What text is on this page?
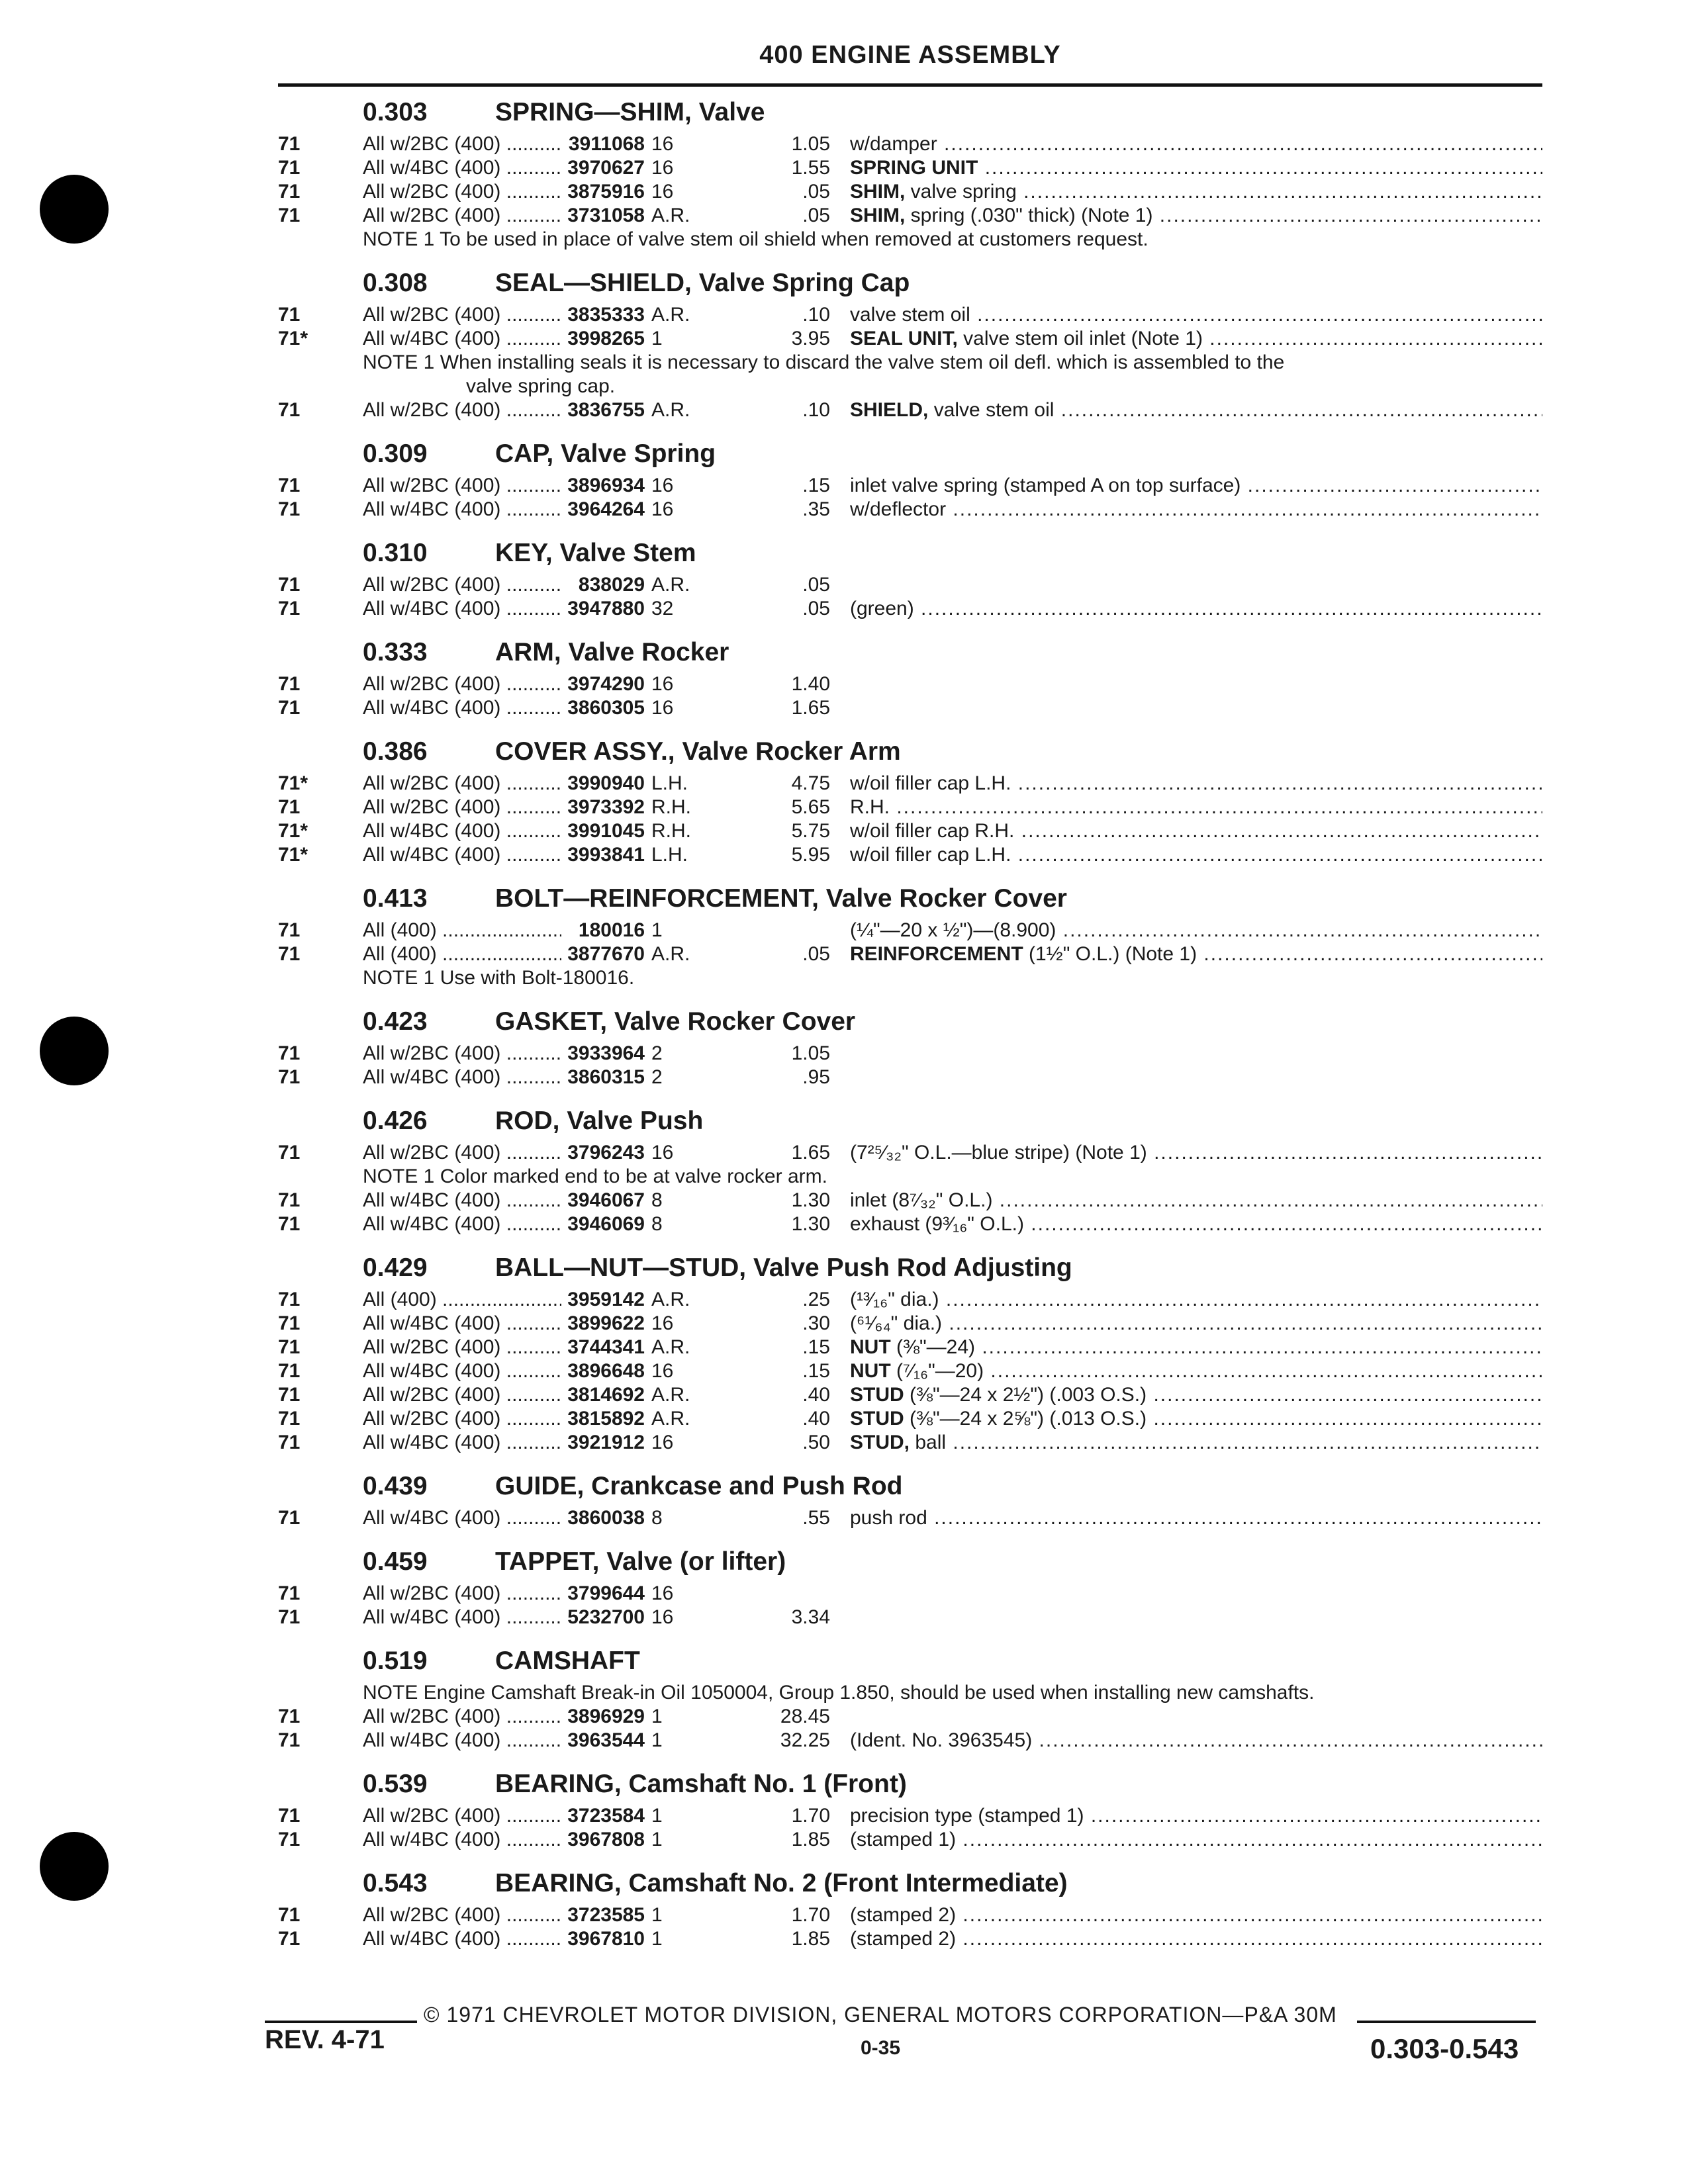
400 ENGINE ASSEMBLY
0.303	SPRING—SHIM, Valve
71	All w/2BC (400) .....	3911068 16	1.05	w/damper .....
71	All w/4BC (400) .....	3970627 16	1.55	SPRING UNIT .....
71	All w/2BC (400) .....	3875916 16	.05	SHIM, valve spring .....
71	All w/2BC (400) .....	3731058 A.R.	.05	SHIM, spring (.030" thick) (Note 1) .....
NOTE 1 To be used in place of valve stem oil shield when removed at customers request.
0.308	SEAL—SHIELD, Valve Spring Cap
71	All w/2BC (400) .....	3835333 A.R.	.10	valve stem oil .....
71*	All w/4BC (400) .....	3998265 1	3.95	SEAL UNIT, valve stem oil inlet (Note 1) .....
NOTE 1 When installing seals it is necessary to discard the valve stem oil defl. which is assembled to the
valve spring cap.
71	All w/2BC (400) .....	3836755 A.R.	.10	SHIELD, valve stem oil .....
0.309	CAP, Valve Spring
71	All w/2BC (400) .....	3896934 16	.15	inlet valve spring (stamped A on top surface) .....
71	All w/4BC (400) .....	3964264 16	.35	w/deflector .....
0.310	KEY, Valve Stem
71	All w/2BC (400) .....	838029 A.R.	.05
71	All w/4BC (400) .....	3947880 32	.05	(green) .....
0.333	ARM, Valve Rocker
71	All w/2BC (400) .....	3974290 16	1.40
71	All w/4BC (400) .....	3860305 16	1.65
0.386	COVER ASSY., Valve Rocker Arm
71*	All w/2BC (400) .....	3990940 L.H.	4.75	w/oil filler cap L.H. .....
71	All w/2BC (400) .....	3973392 R.H.	5.65	R.H. .....
71*	All w/4BC (400) .....	3991045 R.H.	5.75	w/oil filler cap R.H. .....
71*	All w/4BC (400) .....	3993841 L.H.	5.95	w/oil filler cap L.H. .....
0.413	BOLT—REINFORCEMENT, Valve Rocker Cover
71	All (400) .....	180016 1	(¼"—20 x ½")—(8.900) .....
71	All (400) .....	3877670 A.R.	.05	REINFORCEMENT (1½" O.L.) (Note 1) .....
NOTE 1 Use with Bolt-180016.
0.423	GASKET, Valve Rocker Cover
71	All w/2BC (400) .....	3933964 2	1.05
71	All w/4BC (400) .....	3860315 2	.95
0.426	ROD, Valve Push
71	All w/2BC (400) .....	3796243 16	1.65	(7²⁵⁄₃₂" O.L.—blue stripe) (Note 1) .....
NOTE 1 Color marked end to be at valve rocker arm.
71	All w/4BC (400) .....	3946067 8	1.30	inlet (8⁷⁄₃₂" O.L.) .....
71	All w/4BC (400) .....	3946069 8	1.30	exhaust (9³⁄₁₆" O.L.) .....
0.429	BALL—NUT—STUD, Valve Push Rod Adjusting
71	All (400) .....	3959142 A.R.	.25	(¹³⁄₁₆" dia.) .....
71	All w/4BC (400) .....	3899622 16	.30	(⁶¹⁄₆₄" dia.) .....
71	All w/2BC (400) .....	3744341 A.R.	.15	NUT (⅜"—24) .....
71	All w/4BC (400) .....	3896648 16	.15	NUT (⁷⁄₁₆"—20) .....
71	All w/2BC (400) .....	3814692 A.R.	.40	STUD (⅜"—24 x 2½") (.003 O.S.) .....
71	All w/2BC (400) .....	3815892 A.R.	.40	STUD (⅜"—24 x 2⅝") (.013 O.S.) .....
71	All w/4BC (400) .....	3921912 16	.50	STUD, ball .....
0.439	GUIDE, Crankcase and Push Rod
71	All w/4BC (400) .....	3860038 8	.55	push rod .....
0.459	TAPPET, Valve (or lifter)
71	All w/2BC (400) .....	3799644 16
71	All w/4BC (400) .....	5232700 16	3.34
0.519	CAMSHAFT
NOTE Engine Camshaft Break-in Oil 1050004, Group 1.850, should be used when installing new camshafts.
71	All w/2BC (400) .....	3896929 1	28.45
71	All w/4BC (400) .....	3963544 1	32.25	(Ident. No. 3963545) .....
0.539	BEARING, Camshaft No. 1 (Front)
71	All w/2BC (400) .....	3723584 1	1.70	precision type (stamped 1) .....
71	All w/4BC (400) .....	3967808 1	1.85	(stamped 1) .....
0.543	BEARING, Camshaft No. 2 (Front Intermediate)
71	All w/2BC (400) .....	3723585 1	1.70	(stamped 2) .....
71	All w/4BC (400) .....	3967810 1	1.85	(stamped 2) .....
© 1971 CHEVROLET MOTOR DIVISION, GENERAL MOTORS CORPORATION—P&A 30M
REV. 4-71	0-35	0.303-0.543
